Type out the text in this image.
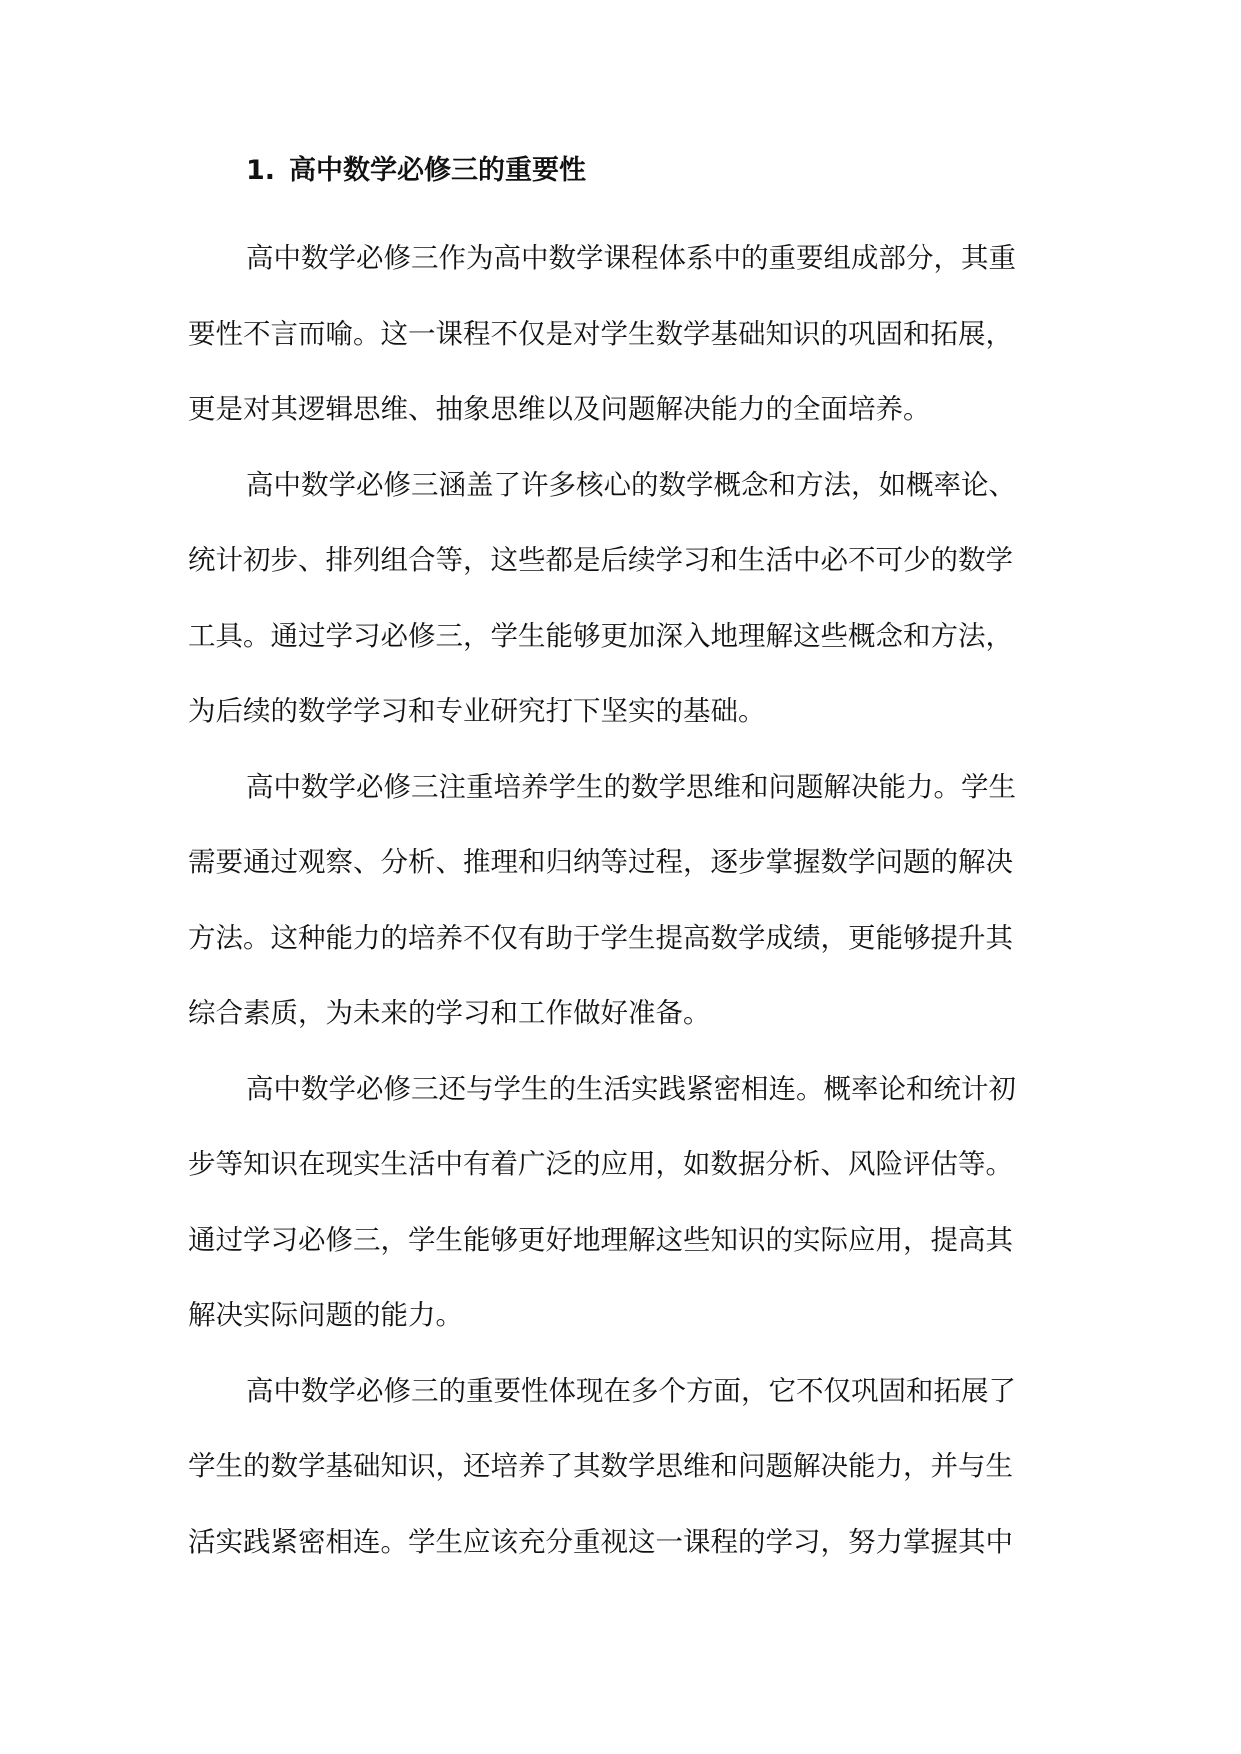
1. 高中数学必修三的重要性

高中数学必修三作为高中数学课程体系中的重要组成部分，其重
要性不言而喻。这一课程不仅是对学生数学基础知识的巩固和拓展，
更是对其逻辑思维、抽象思维以及问题解决能力的全面培养。

高中数学必修三涵盖了许多核心的数学概念和方法，如概率论、
统计初步、排列组合等，这些都是后续学习和生活中必不可少的数学
工具。通过学习必修三，学生能够更加深入地理解这些概念和方法，
为后续的数学学习和专业研究打下坚实的基础。

高中数学必修三注重培养学生的数学思维和问题解决能力。学生
需要通过观察、分析、推理和归纳等过程，逐步掌握数学问题的解决
方法。这种能力的培养不仅有助于学生提高数学成绩，更能够提升其
综合素质，为未来的学习和工作做好准备。

高中数学必修三还与学生的生活实践紧密相连。概率论和统计初
步等知识在现实生活中有着广泛的应用，如数据分析、风险评估等。
通过学习必修三，学生能够更好地理解这些知识的实际应用，提高其
解决实际问题的能力。

高中数学必修三的重要性体现在多个方面，它不仅巩固和拓展了
学生的数学基础知识，还培养了其数学思维和问题解决能力，并与生
活实践紧密相连。学生应该充分重视这一课程的学习，努力掌握其中
